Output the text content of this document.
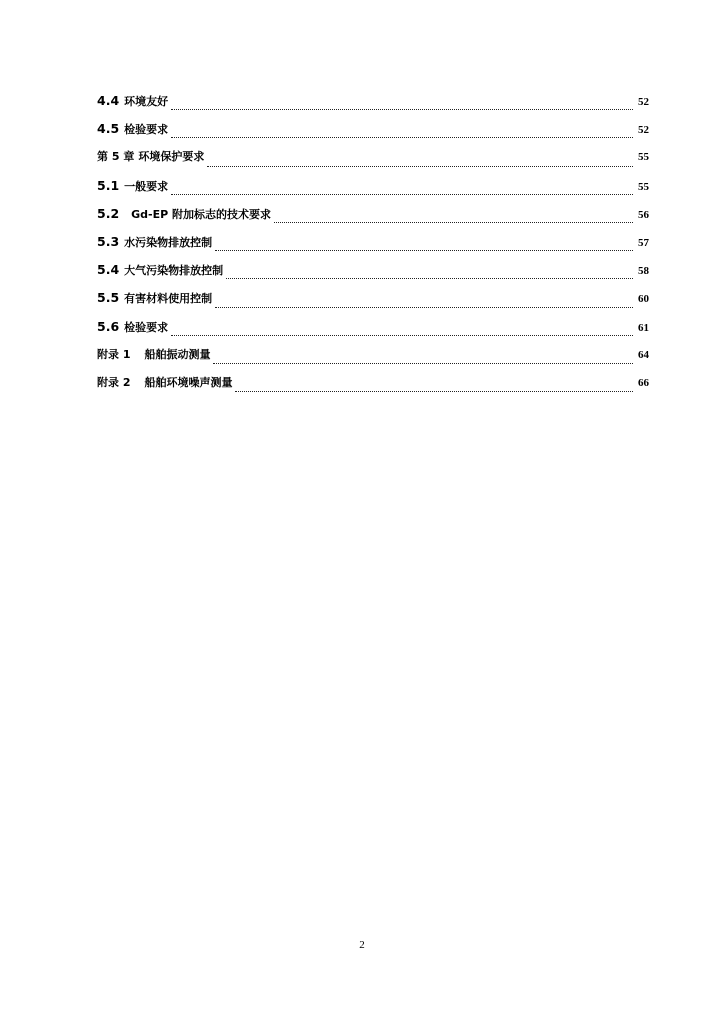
4.4 环境友好	52
4.5 检验要求	52
第 5 章 环境保护要求	55
5.1 一般要求	55
5.2 Gd-EP 附加标志的技术要求	56
5.3 水污染物排放控制	57
5.4 大气污染物排放控制	58
5.5 有害材料使用控制	60
5.6 检验要求	61
附录 1 船舶振动测量	64
附录 2 船舶环境噪声测量	66
2
